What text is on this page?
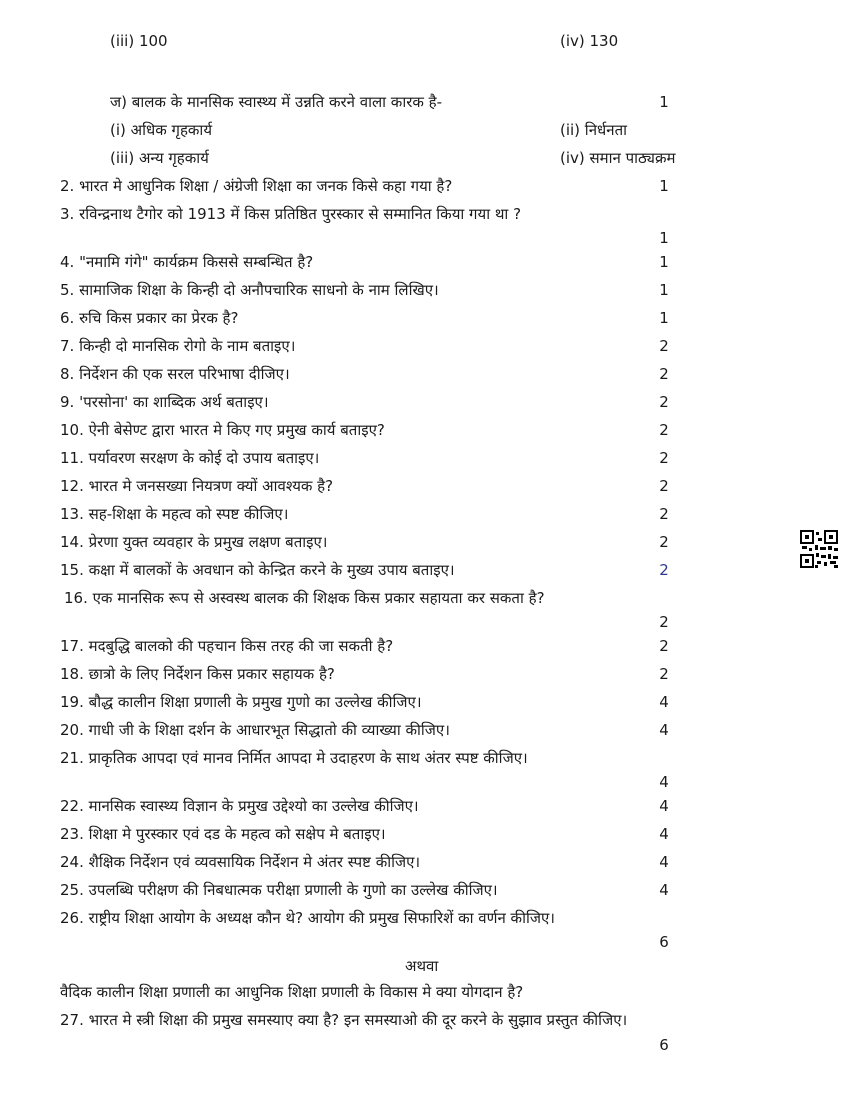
(iii) 100	(iv) 130
ज) बालक के मानसिक स्वास्थ्य में उन्नति करने वाला कारक है-	1
(i) अधिक गृहकार्य	(ii) निर्धनता
(iii) अन्य गृहकार्य	(iv) समान पाठ्यक्रम
2. भारत मे आधुनिक शिक्षा / अंग्रेजी शिक्षा का जनक किसे कहा गया है?	1
3. रविन्द्रनाथ टैगोर को 1913 में किस प्रतिष्ठित पुरस्कार से सम्मानित किया गया था ?
1
4. "नमामि गंगे" कार्यक्रम किससे सम्बन्धित है?	1
5. सामाजिक शिक्षा के किन्ही दो अनौपचारिक साधनो के नाम लिखिए।	1
6. रुचि किस प्रकार का प्रेरक है?	1
7. किन्ही दो मानसिक रोगो के नाम बताइए।	2
8. निर्देशन की एक सरल परिभाषा दीजिए।	2
9. 'परसोना' का शाब्दिक अर्थ बताइए।	2
10. ऐनी बेसेण्ट द्वारा भारत मे किए गए प्रमुख कार्य बताइए?	2
11. पर्यावरण सरक्षण के कोई दो उपाय बताइए।	2
12. भारत मे जनसख्या नियत्रण क्यों आवश्यक है?	2
13. सह-शिक्षा के महत्व को स्पष्ट कीजिए।	2
14. प्रेरणा युक्त व्यवहार के प्रमुख लक्षण बताइए।	2
15. कक्षा में बालकों के अवधान को केन्द्रित करने के मुख्य उपाय बताइए।	2
16. एक मानसिक रूप से अस्वस्थ बालक की शिक्षक किस प्रकार सहायता कर सकता है?
2
17. मदबुद्धि बालको की पहचान किस तरह की जा सकती है?	2
18. छात्रो के लिए निर्देशन किस प्रकार सहायक है?	2
19. बौद्ध कालीन शिक्षा प्रणाली के प्रमुख गुणो का उल्लेख कीजिए।	4
20. गाधी जी के शिक्षा दर्शन के आधारभूत सिद्धातो की व्याख्या कीजिए।	4
21. प्राकृतिक आपदा एवं मानव निर्मित आपदा मे उदाहरण के साथ अंतर स्पष्ट कीजिए।
4
22. मानसिक स्वास्थ्य विज्ञान के प्रमुख उद्देश्यो का उल्लेख कीजिए।	4
23. शिक्षा मे पुरस्कार एवं दड के महत्व को सक्षेप मे बताइए।	4
24. शैक्षिक निर्देशन एवं व्यवसायिक निर्देशन मे अंतर स्पष्ट कीजिए।	4
25. उपलब्धि परीक्षण की निबधात्मक परीक्षा प्रणाली के गुणो का उल्लेख कीजिए।	4
26. राष्ट्रीय शिक्षा आयोग के अध्यक्ष कौन थे? आयोग की प्रमुख सिफारिशें का वर्णन कीजिए।
6
अथवा
वैदिक कालीन शिक्षा प्रणाली का आधुनिक शिक्षा प्रणाली के विकास मे क्या योगदान है?
27. भारत मे स्त्री शिक्षा की प्रमुख समस्याए क्या है? इन समस्याओ की दूर करने के सुझाव प्रस्तुत कीजिए।
6
